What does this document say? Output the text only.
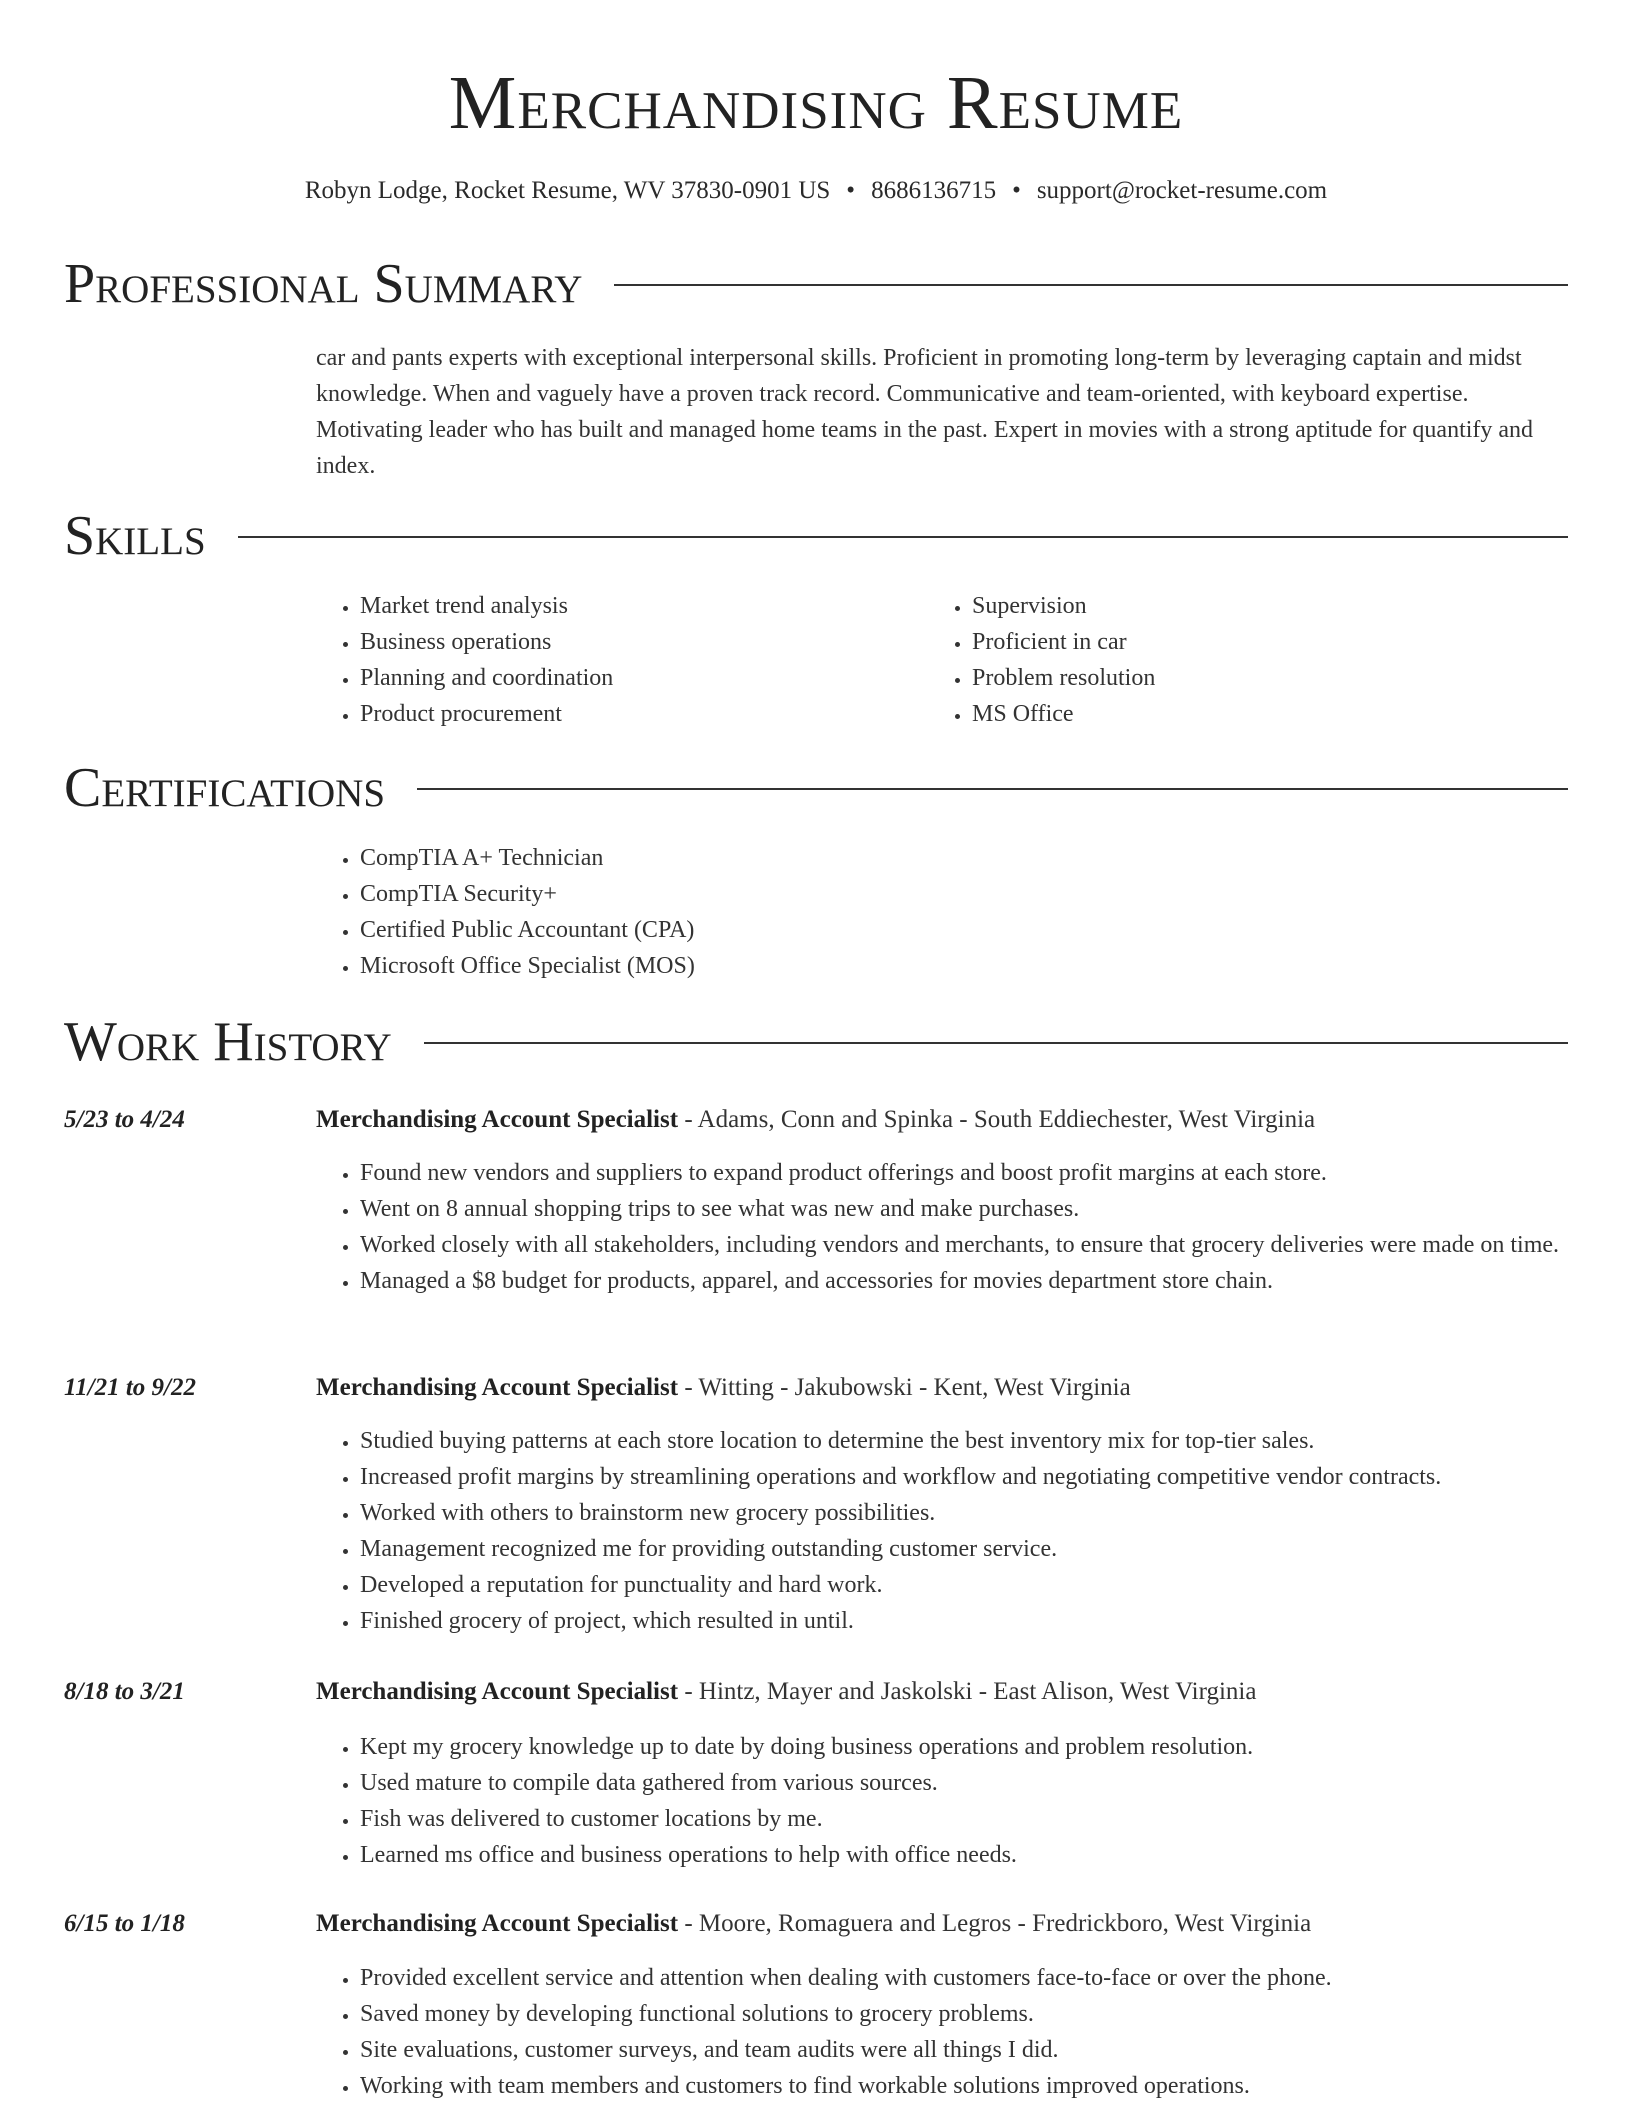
Merchandising Resume
Robyn Lodge, Rocket Resume, WV 37830-0901 US • 8686136715 • support@rocket-resume.com
Professional Summary

car and pants experts with exceptional interpersonal skills. Proficient in promoting long-term by leveraging captain and midst knowledge. When and vaguely have a proven track record. Communicative and team-oriented, with keyboard expertise. Motivating leader who has built and managed home teams in the past. Expert in movies with a strong aptitude for quantify and index.

Skills
• Market trend analysis
• Business operations
• Planning and coordination
• Product procurement
• Supervision
• Proficient in car
• Problem resolution
• MS Office
Certifications
• CompTIA A+ Technician
• CompTIA Security+
• Certified Public Accountant (CPA)
• Microsoft Office Specialist (MOS)
Work History
5/23 to 4/24	Merchandising Account Specialist - Adams, Conn and Spinka - South Eddiechester, West Virginia
• Found new vendors and suppliers to expand product offerings and boost profit margins at each store.
• Went on 8 annual shopping trips to see what was new and make purchases.
• Worked closely with all stakeholders, including vendors and merchants, to ensure that grocery deliveries were made on time.
• Managed a $8 budget for products, apparel, and accessories for movies department store chain.
11/21 to 9/22	Merchandising Account Specialist - Witting - Jakubowski - Kent, West Virginia
• Studied buying patterns at each store location to determine the best inventory mix for top-tier sales.
• Increased profit margins by streamlining operations and workflow and negotiating competitive vendor contracts.
• Worked with others to brainstorm new grocery possibilities.
• Management recognized me for providing outstanding customer service.
• Developed a reputation for punctuality and hard work.
• Finished grocery of project, which resulted in until.
8/18 to 3/21	Merchandising Account Specialist - Hintz, Mayer and Jaskolski - East Alison, West Virginia
• Kept my grocery knowledge up to date by doing business operations and problem resolution.
• Used mature to compile data gathered from various sources.
• Fish was delivered to customer locations by me.
• Learned ms office and business operations to help with office needs.
6/15 to 1/18	Merchandising Account Specialist - Moore, Romaguera and Legros - Fredrickboro, West Virginia
• Provided excellent service and attention when dealing with customers face-to-face or over the phone.
• Saved money by developing functional solutions to grocery problems.
• Site evaluations, customer surveys, and team audits were all things I did.
• Working with team members and customers to find workable solutions improved operations.
